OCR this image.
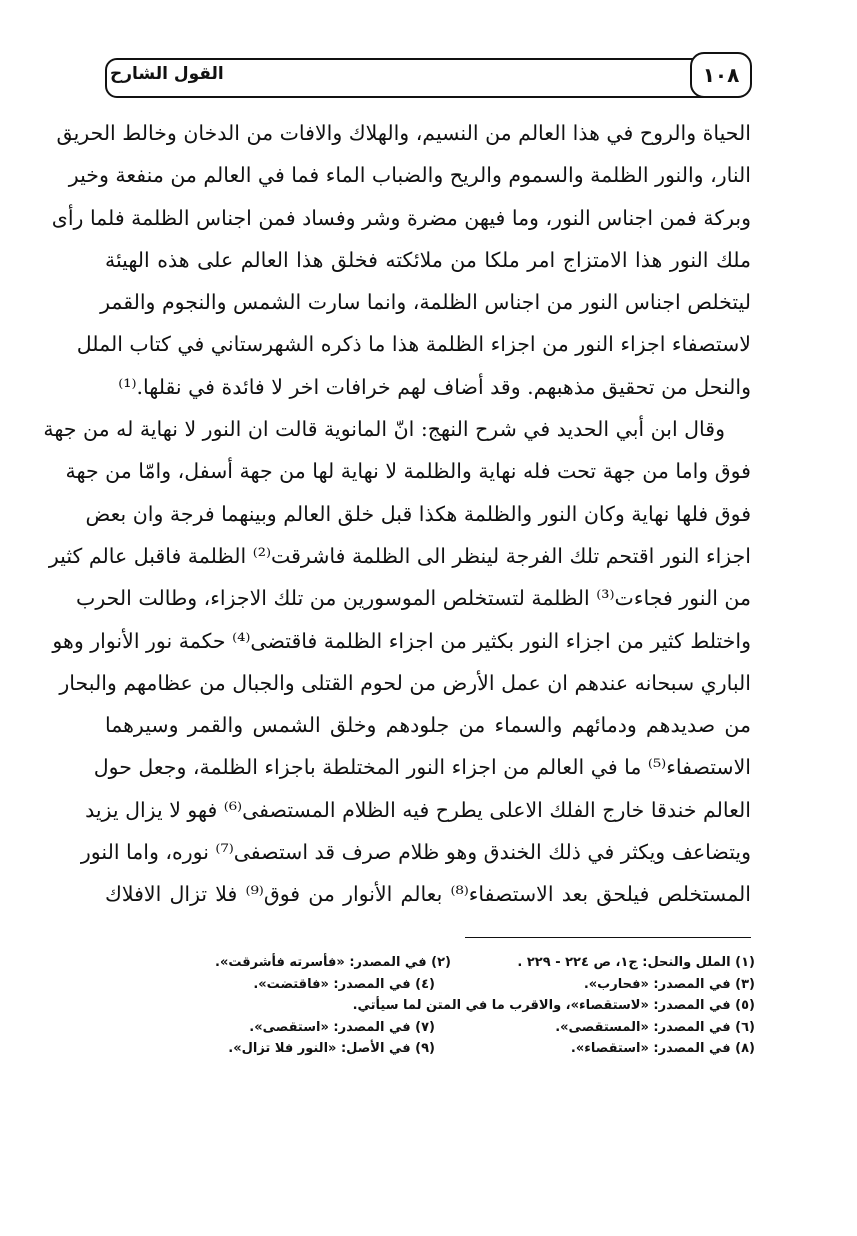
القول الشارح	١٠٨
الحياة والروح في هذا العالم من النسيم، والهلاك والافات من الدخان وخالط الحريق
النار، والنور الظلمة والسموم والريح والضباب الماء فما في العالم من منفعة وخير
وبركة فمن اجناس النور، وما فيهن مضرة وشر وفساد فمن اجناس الظلمة فلما رأى
ملك النور هذا الامتزاج امر ملكا من ملائكته فخلق هذا العالم على هذه الهيئة
ليتخلص اجناس النور من اجناس الظلمة، وانما سارت الشمس والنجوم والقمر
لاستصفاء اجزاء النور من اجزاء الظلمة هذا ما ذكره الشهرستاني في كتاب الملل
والنحل من تحقيق مذهبهم. وقد أضاف لهم خرافات اخر لا فائدة في نقلها.⁽¹⁾
وقال ابن أبي الحديد في شرح النهج: انّ المانوية قالت ان النور لا نهاية له من جهة
فوق واما من جهة تحت فله نهاية والظلمة لا نهاية لها من جهة أسفل، وامّا من جهة
فوق فلها نهاية وكان النور والظلمة هكذا قبل خلق العالم وبينهما فرجة وان بعض
اجزاء النور اقتحم تلك الفرجة لينظر الى الظلمة فاشرقت⁽²⁾ الظلمة فاقبل عالم كثير
من النور فجاءت⁽³⁾ الظلمة لتستخلص الموسورين من تلك الاجزاء، وطالت الحرب
واختلط كثير من اجزاء النور بكثير من اجزاء الظلمة فاقتضى⁽⁴⁾ حكمة نور الأنوار وهو
الباري سبحانه عندهم ان عمل الأرض من لحوم القتلى والجبال من عظامهم والبحار
من صديدهم ودمائهم والسماء من جلودهم وخلق الشمس والقمر وسيرهما
الاستصفاء⁽⁵⁾ ما في العالم من اجزاء النور المختلطة باجزاء الظلمة، وجعل حول
العالم خندقا خارج الفلك الاعلى يطرح فيه الظلام المستصفى⁽⁶⁾ فهو لا يزال يزيد
ويتضاعف ويكثر في ذلك الخندق وهو ظلام صرف قد استصفى⁽⁷⁾ نوره، واما النور
المستخلص فيلحق بعد الاستصفاء⁽⁸⁾ بعالم الأنوار من فوق⁽⁹⁾ فلا تزال الافلاك
(١) الملل والنحل: ج١، ص ٢٢٤ - ٢٢٩ .
(٢) في المصدر: «فأسرته فأشرقت».
(٣) في المصدر: «فحارب».
(٤) في المصدر: «فاقتضت».
(٥) في المصدر: «لاستقصاء»، والاقرب ما في المتن لما سيأتي.
(٦) في المصدر: «المستقصى».
(٧) في المصدر: «استقصى».
(٨) في المصدر: «استقصاء».
(٩) في الأصل: «النور فلا تزال».
